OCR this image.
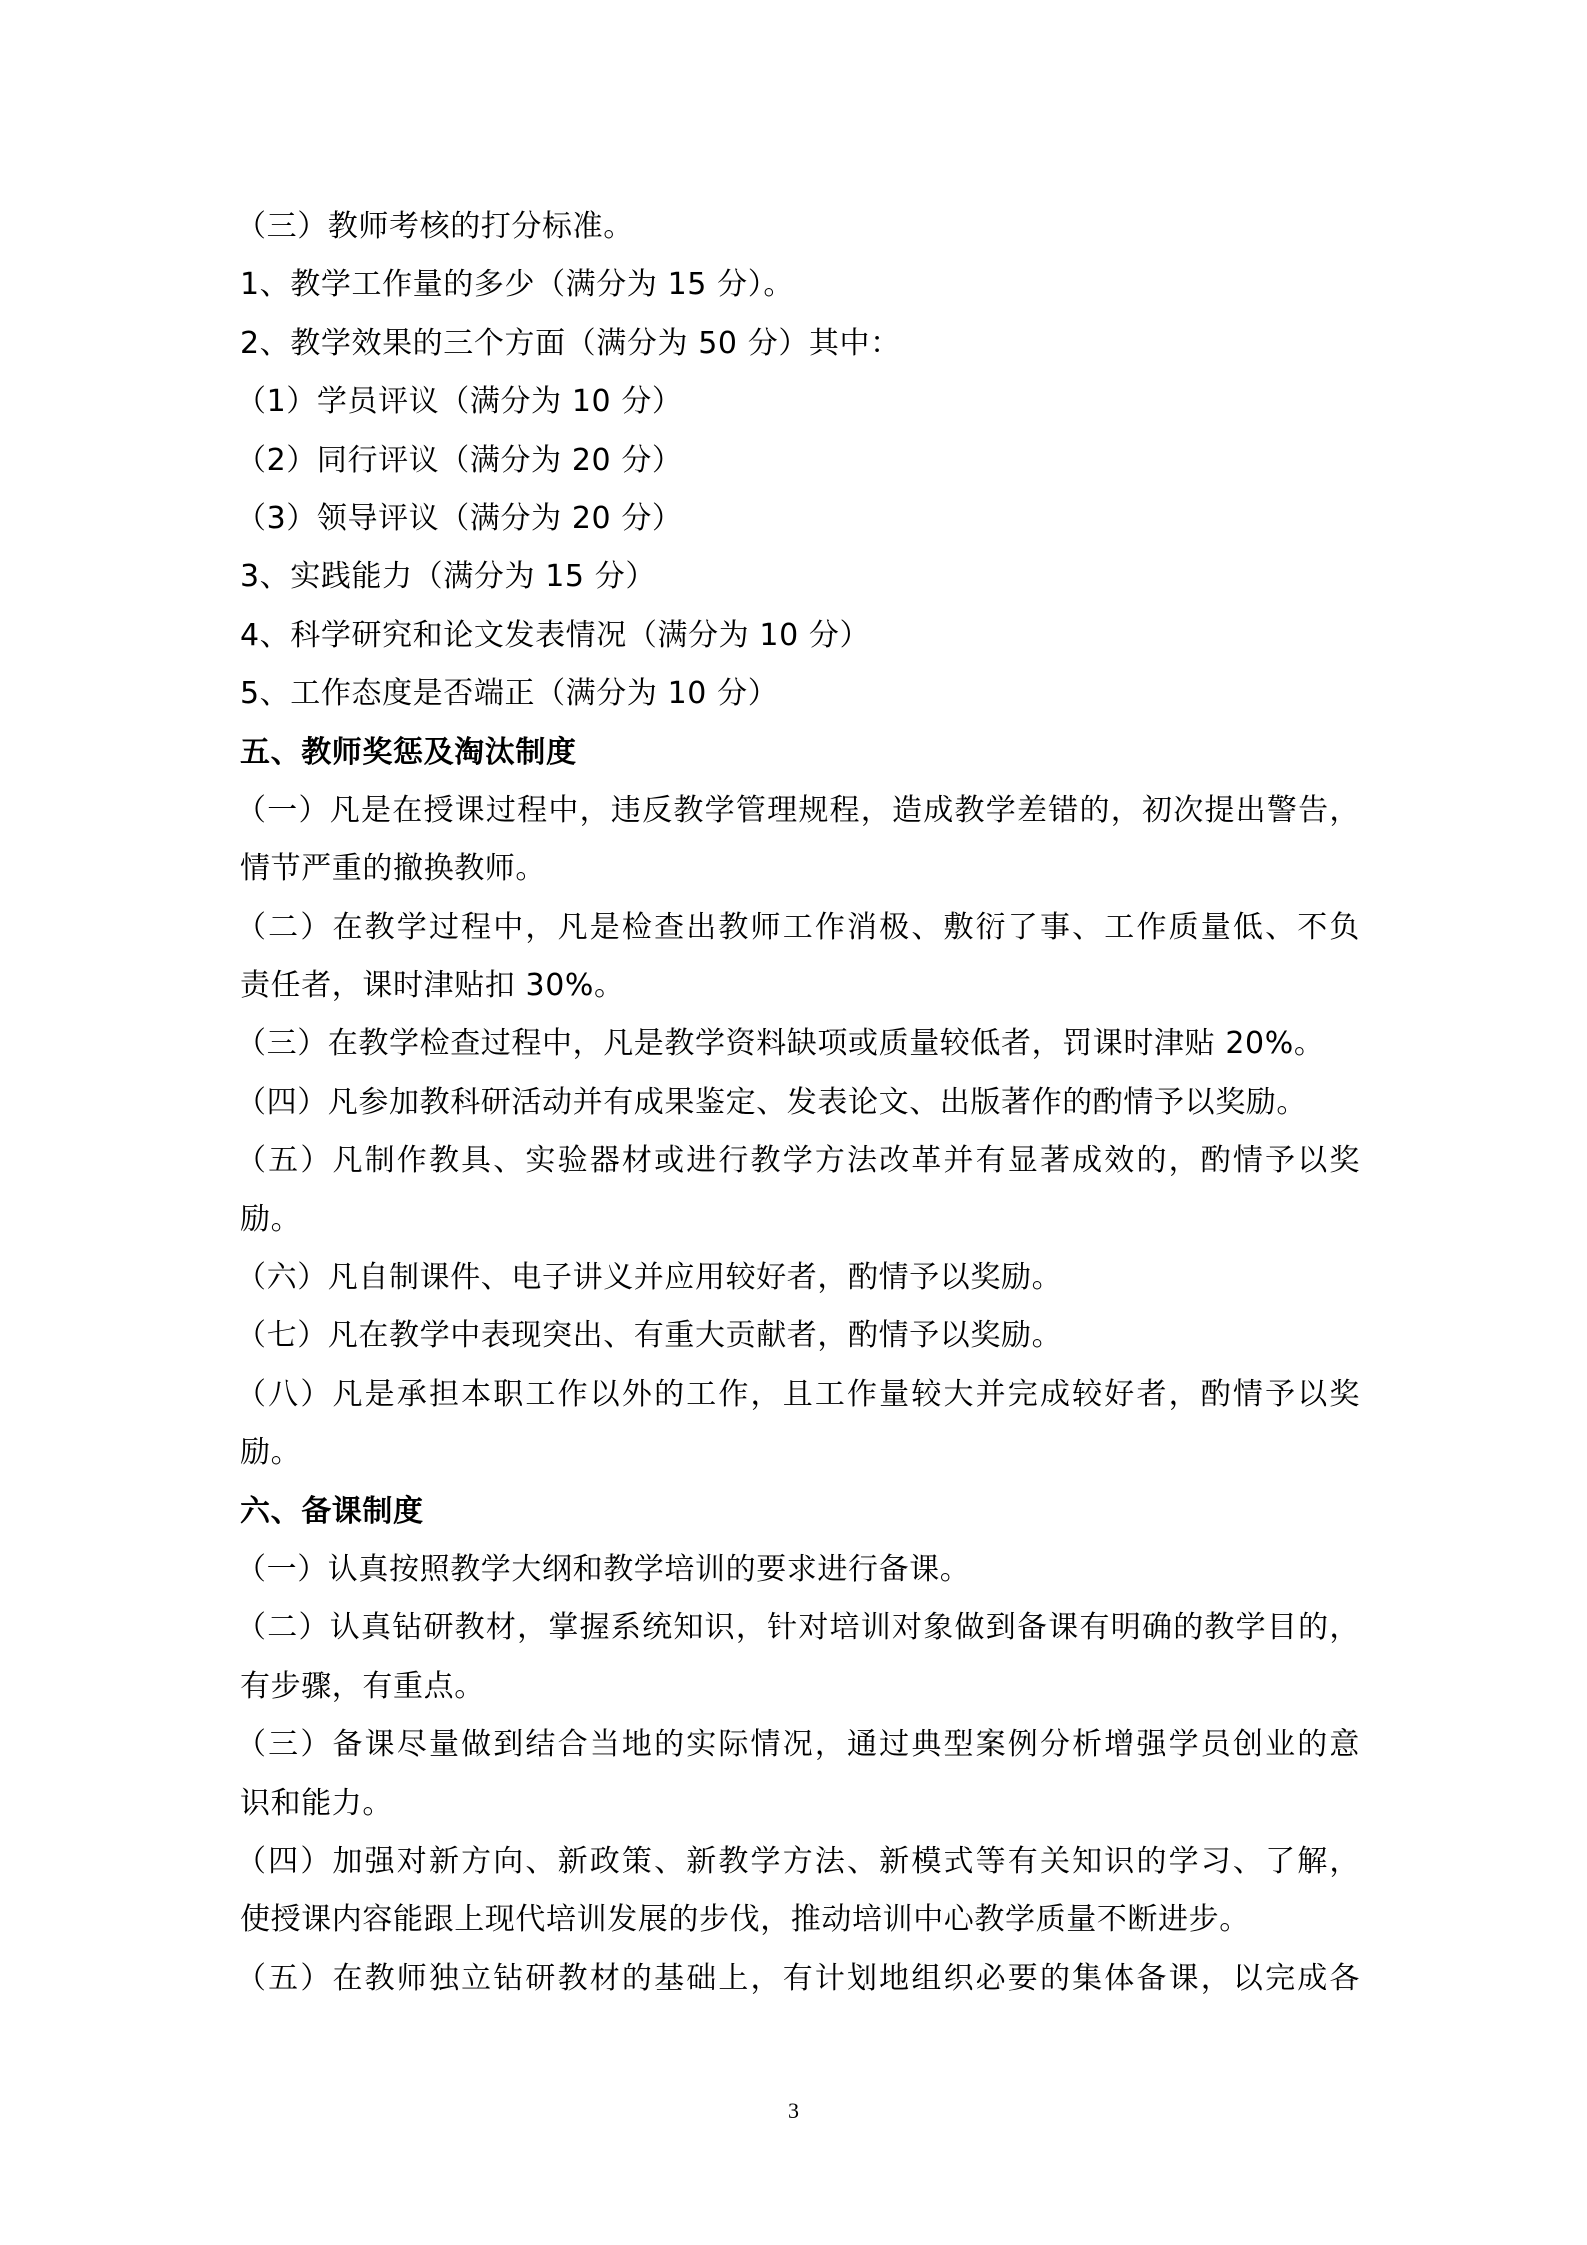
（三）教师考核的打分标准。
1、教学工作量的多少（满分为 15 分）。
2、教学效果的三个方面（满分为 50 分）其中：
（1）学员评议（满分为 10 分）
（2）同行评议（满分为 20 分）
（3）领导评议（满分为 20 分）
3、实践能力（满分为 15 分）
4、科学研究和论文发表情况（满分为 10 分）
5、工作态度是否端正（满分为 10 分）
五、教师奖惩及淘汰制度
（一）凡是在授课过程中，违反教学管理规程，造成教学差错的，初次提出警告，
情节严重的撤换教师。
（二）在教学过程中，凡是检查出教师工作消极、敷衍了事、工作质量低、不负
责任者，课时津贴扣 30%。
（三）在教学检查过程中，凡是教学资料缺项或质量较低者，罚课时津贴 20%。
（四）凡参加教科研活动并有成果鉴定、发表论文、出版著作的酌情予以奖励。
（五）凡制作教具、实验器材或进行教学方法改革并有显著成效的，酌情予以奖
励。
（六）凡自制课件、电子讲义并应用较好者，酌情予以奖励。
（七）凡在教学中表现突出、有重大贡献者，酌情予以奖励。
（八）凡是承担本职工作以外的工作，且工作量较大并完成较好者，酌情予以奖
励。
六、备课制度
（一）认真按照教学大纲和教学培训的要求进行备课。
（二）认真钻研教材，掌握系统知识，针对培训对象做到备课有明确的教学目的，
有步骤，有重点。
（三）备课尽量做到结合当地的实际情况，通过典型案例分析增强学员创业的意
识和能力。
（四）加强对新方向、新政策、新教学方法、新模式等有关知识的学习、了解，
使授课内容能跟上现代培训发展的步伐，推动培训中心教学质量不断进步。
（五）在教师独立钻研教材的基础上，有计划地组织必要的集体备课，以完成各
3
